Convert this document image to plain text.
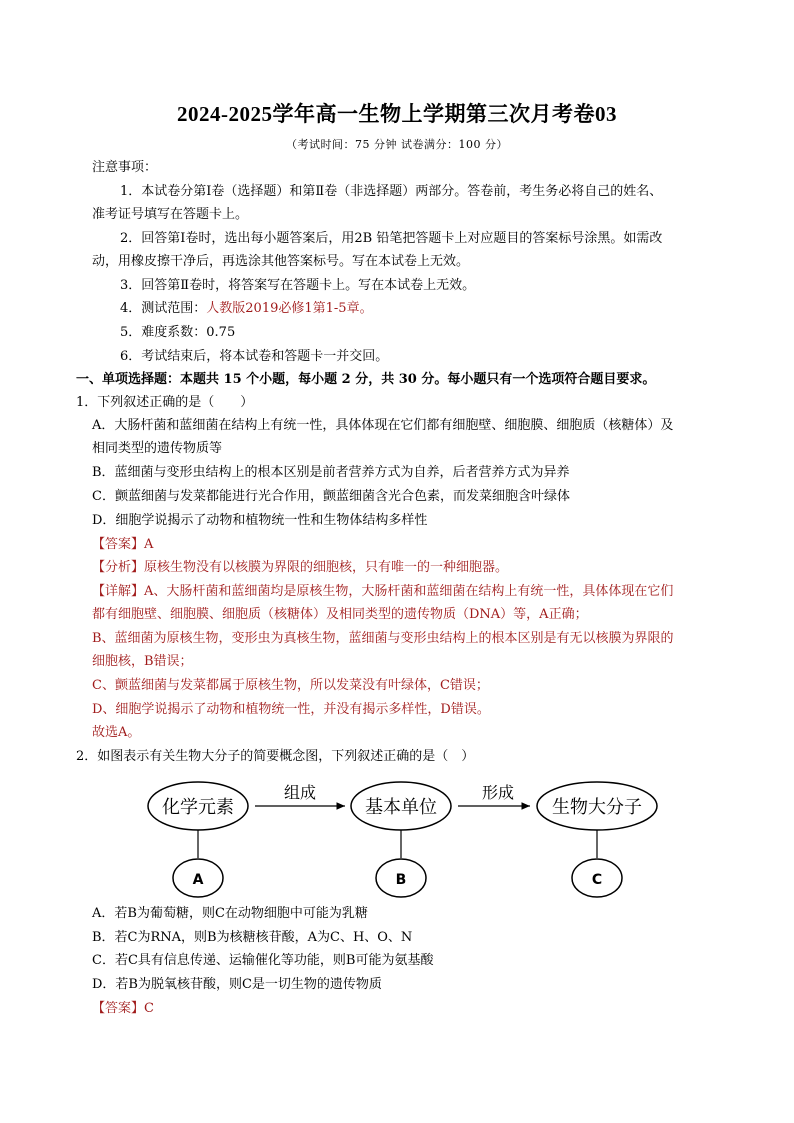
2024-2025学年高一生物上学期第三次月考卷03
（考试时间：75 分钟 试卷满分：100 分）
注意事项：
1．本试卷分第Ⅰ卷（选择题）和第Ⅱ卷（非选择题）两部分。答卷前，考生务必将自己的姓名、
准考证号填写在答题卡上。
2．回答第Ⅰ卷时，选出每小题答案后，用2B 铅笔把答题卡上对应题目的答案标号涂黑。如需改
动，用橡皮擦干净后，再选涂其他答案标号。写在本试卷上无效。
3．回答第Ⅱ卷时，将答案写在答题卡上。写在本试卷上无效。
4．测试范围：人教版2019必修1第1-5章。
5．难度系数：0.75
6．考试结束后，将本试卷和答题卡一并交回。
一、单项选择题：本题共 15 个小题，每小题 2 分，共 30 分。每小题只有一个选项符合题目要求。
1．下列叙述正确的是（　　）
A．大肠杆菌和蓝细菌在结构上有统一性，具体体现在它们都有细胞壁、细胞膜、细胞质（核糖体）及
相同类型的遗传物质等
B．蓝细菌与变形虫结构上的根本区别是前者营养方式为自养，后者营养方式为异养
C．颤蓝细菌与发菜都能进行光合作用，颤蓝细菌含光合色素，而发菜细胞含叶绿体
D．细胞学说揭示了动物和植物统一性和生物体结构多样性
【答案】A
【分析】原核生物没有以核膜为界限的细胞核，只有唯一的一种细胞器。
【详解】A、大肠杆菌和蓝细菌均是原核生物，大肠杆菌和蓝细菌在结构上有统一性，具体体现在它们
都有细胞壁、细胞膜、细胞质（核糖体）及相同类型的遗传物质（DNA）等，A正确；
B、蓝细菌为原核生物，变形虫为真核生物，蓝细菌与变形虫结构上的根本区别是有无以核膜为界限的
细胞核，B错误；
C、颤蓝细菌与发菜都属于原核生物，所以发菜没有叶绿体，C错误；
D、细胞学说揭示了动物和植物统一性，并没有揭示多样性，D错误。
故选A。
2．如图表示有关生物大分子的简要概念图，下列叙述正确的是（　）
化学元素	基本单位	生物大分子
组成	形成
A	B	C
A．若B为葡萄糖，则C在动物细胞中可能为乳糖
B．若C为RNA，则B为核糖核苷酸，A为C、H、O、N
C．若C具有信息传递、运输催化等功能，则B可能为氨基酸
D．若B为脱氧核苷酸，则C是一切生物的遗传物质
【答案】C
